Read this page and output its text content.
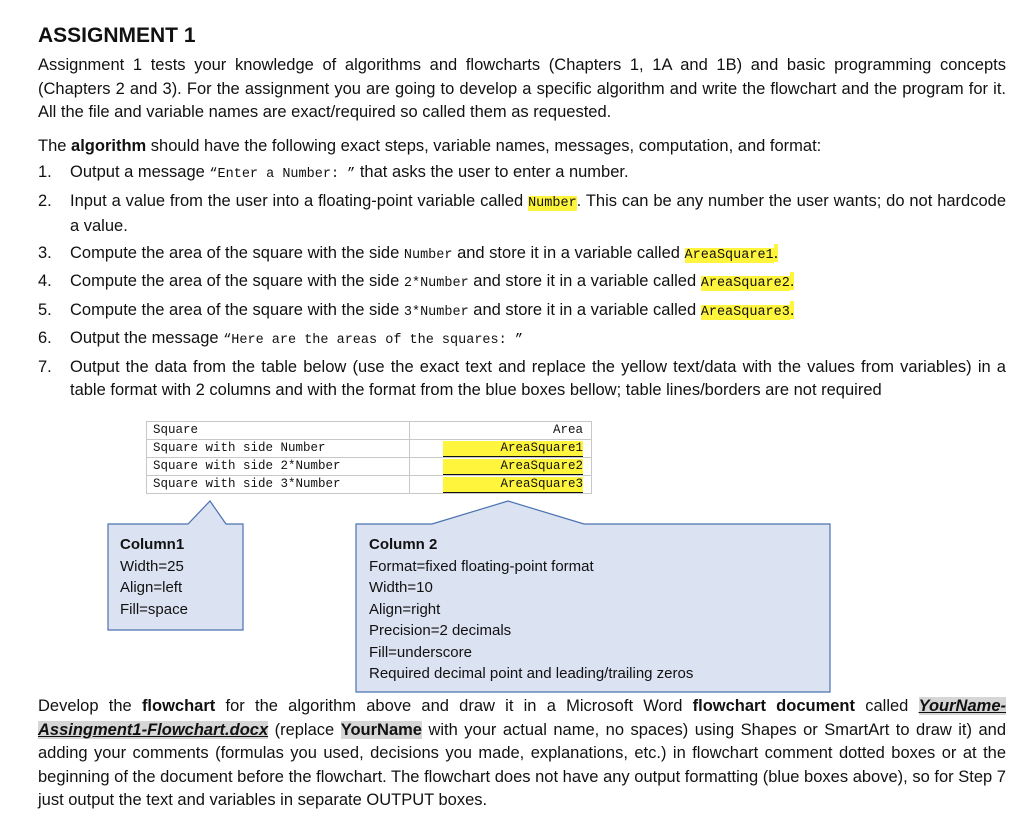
ASSIGNMENT 1

Assignment 1 tests your knowledge of algorithms and flowcharts (Chapters 1, 1A and 1B) and basic programming concepts (Chapters 2 and 3). For the assignment you are going to develop a specific algorithm and write the flowchart and the program for it. All the file and variable names are exact/required so called them as requested.

The algorithm should have the following exact steps, variable names, messages, computation, and format:

1. Output a message “Enter a Number: ” that asks the user to enter a number.
2. Input a value from the user into a floating-point variable called Number. This can be any number the user wants; do not hardcode a value.
3. Compute the area of the square with the side Number and store it in a variable called AreaSquare1.
4. Compute the area of the square with the side 2*Number and store it in a variable called AreaSquare2.
5. Compute the area of the square with the side 3*Number and store it in a variable called AreaSquare3.
6. Output the message “Here are the areas of the squares: ”
7. Output the data from the table below (use the exact text and replace the yellow text/data with the values from variables) in a table format with 2 columns and with the format from the blue boxes bellow; table lines/borders are not required
Square	Area
Square with side Number	AreaSquare1
Square with side 2*Number	AreaSquare2
Square with side 3*Number	AreaSquare3
Column1
Width=25
Align=left
Fill=space
Column 2
Format=fixed floating-point format
Width=10
Align=right
Precision=2 decimals
Fill=underscore
Required decimal point and leading/trailing zeros

Develop the flowchart for the algorithm above and draw it in a Microsoft Word flowchart document called YourName-Assingment1-Flowchart.docx (replace YourName with your actual name, no spaces) using Shapes or SmartArt to draw it) and adding your comments (formulas you used, decisions you made, explanations, etc.) in flowchart comment dotted boxes or at the beginning of the document before the flowchart. The flowchart does not have any output formatting (blue boxes above), so for Step 7 just output the text and variables in separate OUTPUT boxes.
